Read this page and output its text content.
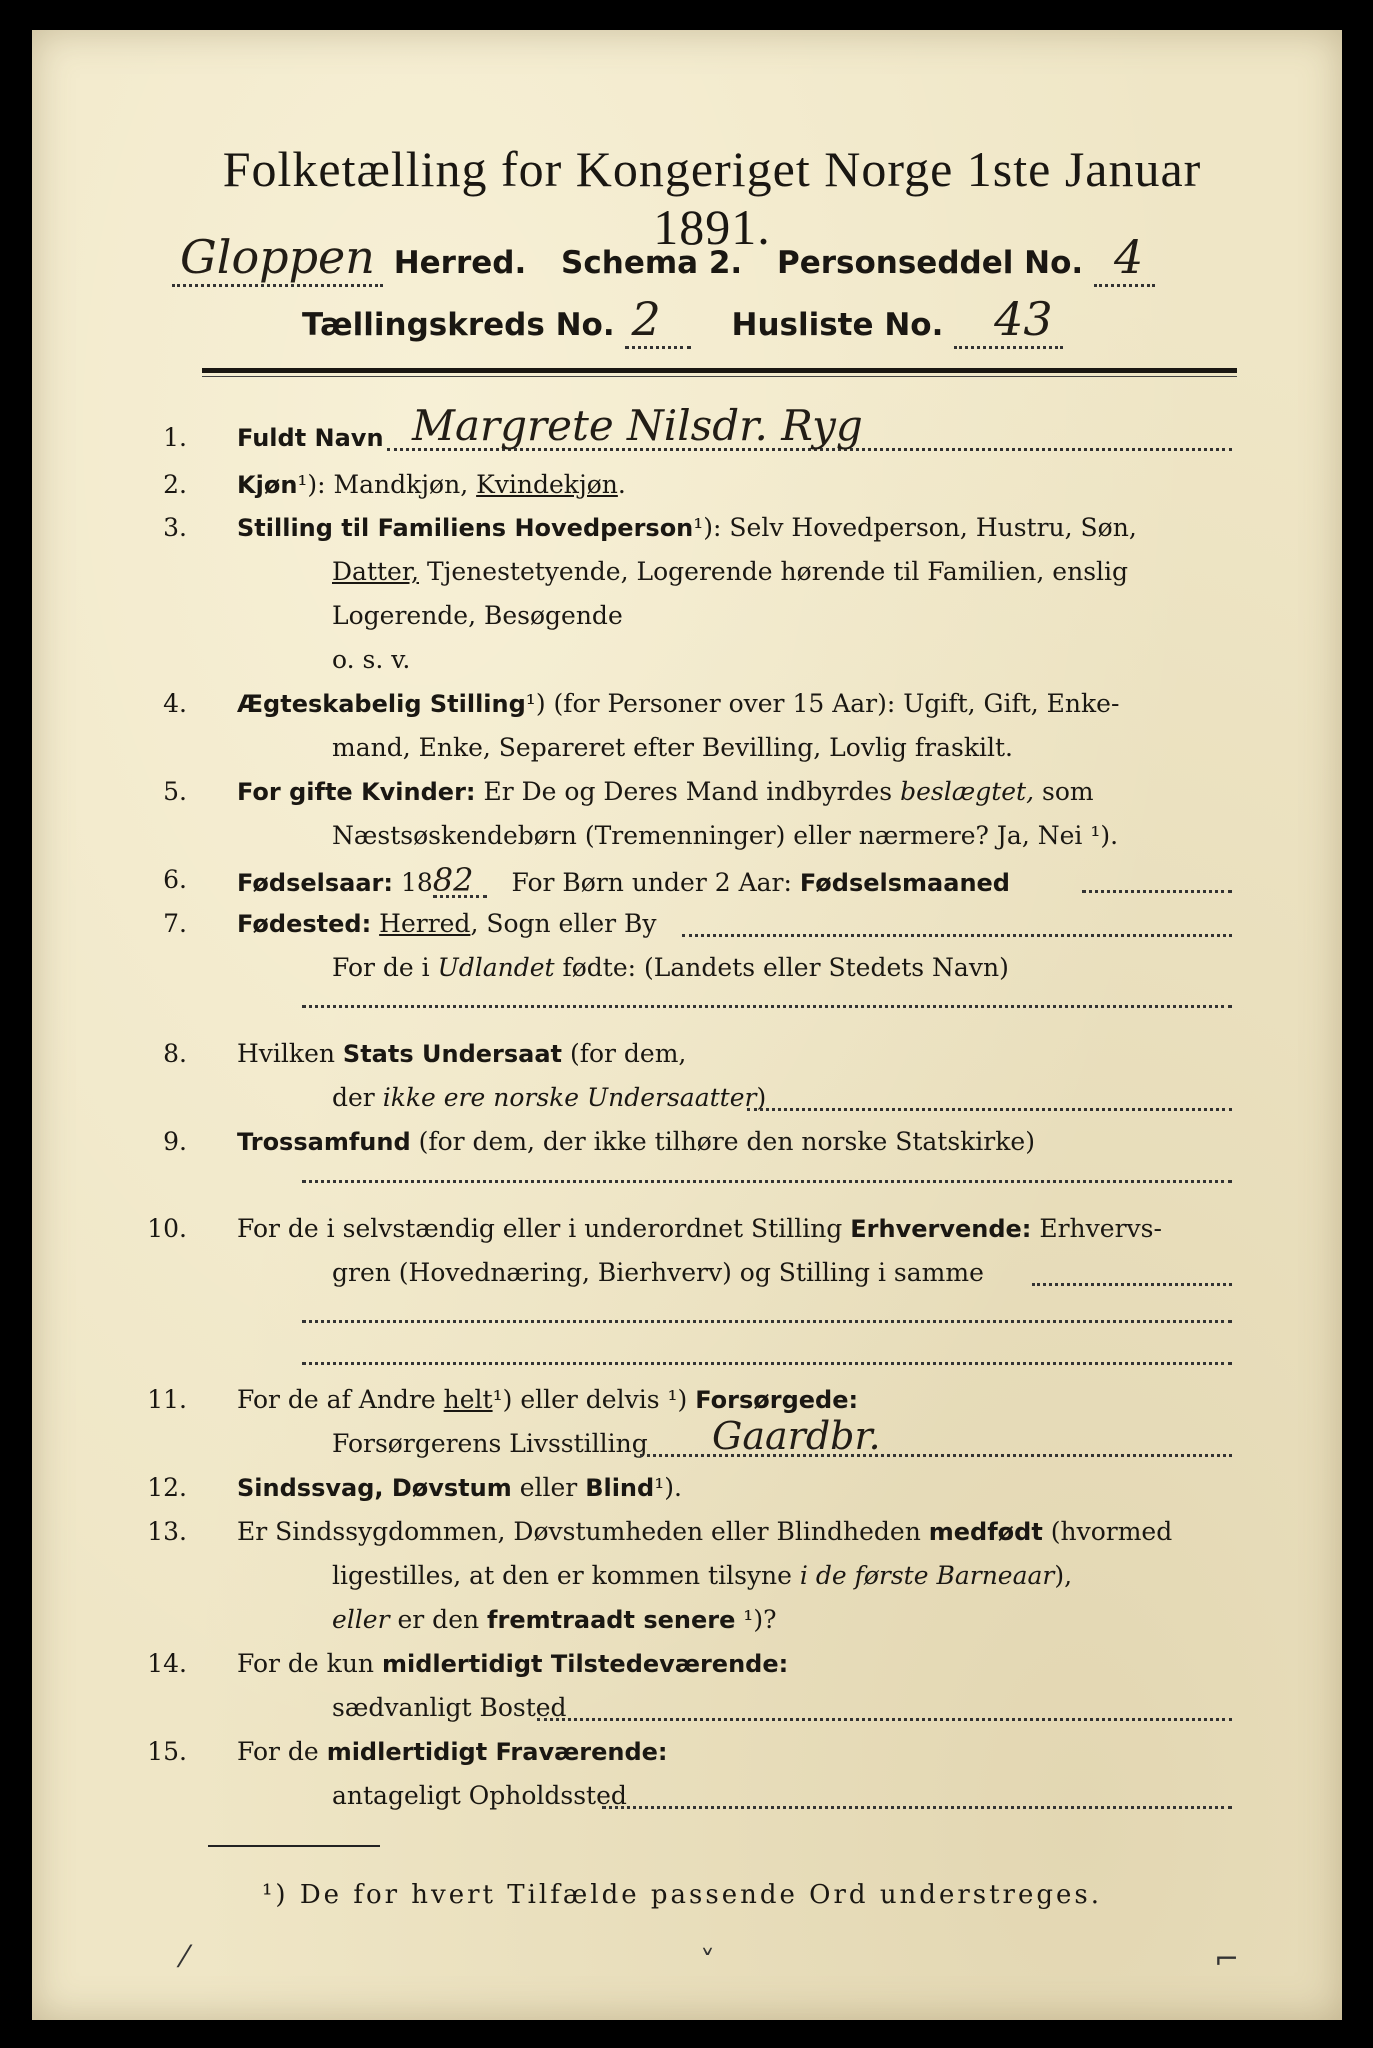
Folketælling for Kongeriget Norge 1ste Januar 1891.
Gloppen Herred. Schema 2. Personseddel No. 4
Tællingskreds No. 2 Husliste No. 43
1. Fuldt Navn Margrete Nilsdr. Ryg
2. Kjøn¹): Mandkjøn, Kvindekjøn.
3. Stilling til Familiens Hovedperson¹): Selv Hovedperson, Hustru, Søn,
Datter, Tjenestetyende, Logerende hørende til Familien, enslig
Logerende, Besøgende
o. s. v.
4. Ægteskabelig Stilling¹) (for Personer over 15 Aar): Ugift, Gift, Enke-
mand, Enke, Separeret efter Bevilling, Lovlig fraskilt.
5. For gifte Kvinder: Er De og Deres Mand indbyrdes beslægtet, som
Næstsøskendebørn (Tremenninger) eller nærmere? Ja, Nei ¹).
6. Fødselsaar: 1882 For Børn under 2 Aar: Fødselsmaaned
7. Fødested: Herred, Sogn eller By
For de i Udlandet fødte: (Landets eller Stedets Navn)
8. Hvilken Stats Undersaat (for dem,
der ikke ere norske Undersaatter)
9. Trossamfund (for dem, der ikke tilhøre den norske Statskirke)
10. For de i selvstændig eller i underordnet Stilling Erhvervende: Erhvervs-
gren (Hovednæring, Bierhverv) og Stilling i samme
11. For de af Andre helt¹) eller delvis ¹) Forsørgede:
Forsørgerens Livsstilling Gaardbr.
12. Sindssvag, Døvstum eller Blind¹).
13. Er Sindssygdommen, Døvstumheden eller Blindheden medfødt (hvormed
ligestilles, at den er kommen tilsyne i de første Barneaar),
eller er den fremtraadt senere ¹)?
14. For de kun midlertidigt Tilstedeværende:
sædvanligt Bosted
15. For de midlertidigt Fraværende:
antageligt Opholdssted
¹) De for hvert Tilfælde passende Ord understreges.
⁄	˅	⌐
